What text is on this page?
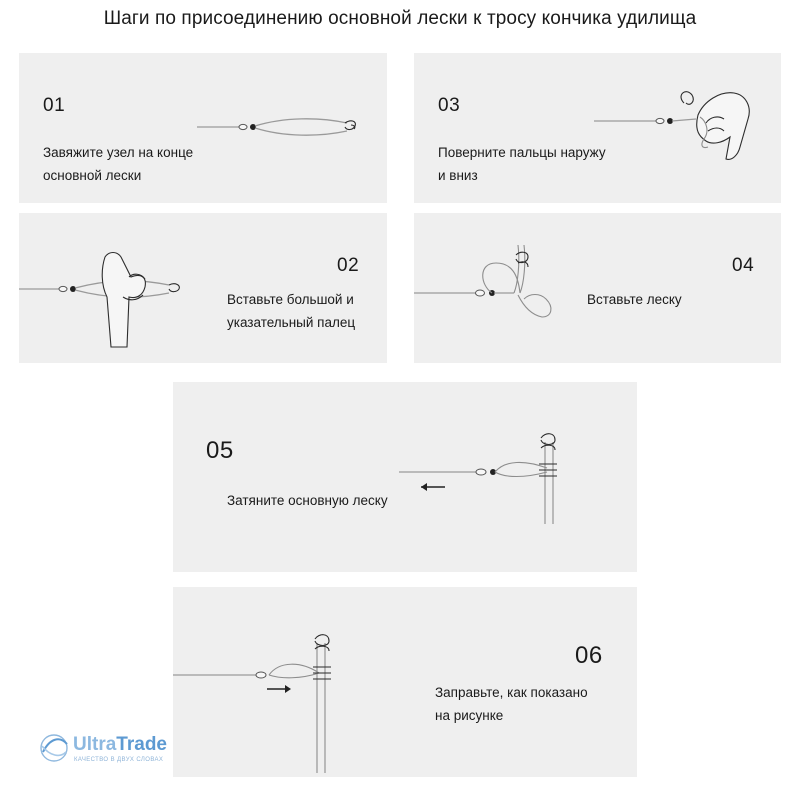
Шаги по присоединению основной лески к тросу кончика удилища
01
Завяжите узел на конце
основной лески
03
Поверните пальцы наружу
и вниз
02
Вставьте большой и
указательный палец
04
Вставьте леску
05
Затяните основную леску
06
Заправьте, как показано
на рисунке
UltraTrade
КАЧЕСТВО В ДВУХ СЛОВАХ
